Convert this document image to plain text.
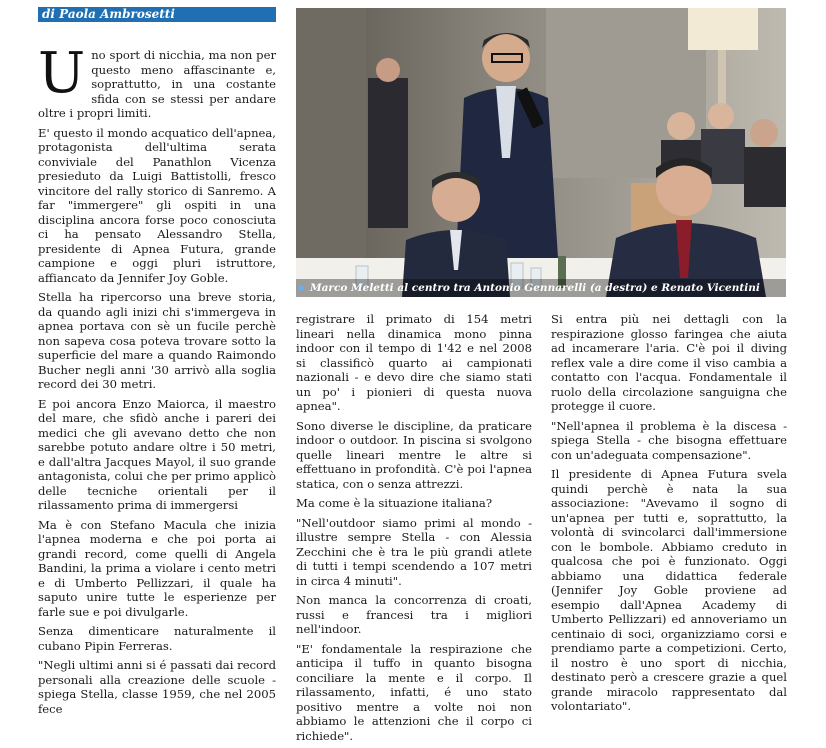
di Paola Ambrosetti
U no sport di nicchia, ma non per questo meno affascinante e, soprattutto, in una costante sfida con se stessi per andare oltre i propri limiti.

E' questo il mondo acquatico dell'apnea, protagonista dell'ultima serata conviviale del Panathlon Vicenza presieduto da Luigi Battistolli, fresco vincitore del rally storico di Sanremo. A far "immergere" gli ospiti in una disciplina ancora forse poco conosciuta ci ha pensato Alessandro Stella, presidente di Apnea Futura, grande campione e oggi pluri istruttore, affiancato da Jennifer Joy Goble.

Stella ha ripercorso una breve storia, da quando agli inizi chi s'immergeva in apnea portava con sè un fucile perchè non sapeva cosa poteva trovare sotto la superficie del mare a quando Raimondo Bucher negli anni '30 arrivò alla soglia record dei 30 metri.

E poi ancora Enzo Maiorca, il maestro del mare, che sfidò anche i pareri dei medici che gli avevano detto che non sarebbe potuto andare oltre i 50 metri, e dall'altra Jacques Mayol, il suo grande antagonista, colui che per primo applicò delle tecniche orientali per il rilassamento prima di immergersi

Ma è con Stefano Macula che inizia l'apnea moderna e che poi porta ai grandi record, come quelli di Angela Bandini, la prima a violare i cento metri e di Umberto Pellizzari, il quale ha saputo unire tutte le esperienze per farle sue e poi divulgarle.

Senza dimenticare naturalmente il cubano Pipin Ferreras.

"Negli ultimi anni si é passati dai record personali alla creazione delle scuole - spiega Stella, classe 1959, che nel 2005 fece

Marco Meletti al centro tra Antonio Gennarelli (a destra) e Renato Vicentini

registrare il primato di 154 metri lineari nella dinamica mono pinna indoor con il tempo di 1'42 e nel 2008 si classificò quarto ai campionati nazionali - e devo dire che siamo stati un po' i pionieri di questa nuova apnea".

Sono diverse le discipline, da praticare indoor o outdoor. In piscina si svolgono quelle lineari mentre le altre si effettuano in profondità. C'è poi l'apnea statica, con o senza attrezzi.

Ma come è la situazione italiana?

"Nell'outdoor siamo primi al mondo - illustre sempre Stella - con Alessia Zecchini che è tra le più grandi atlete di tutti i tempi scendendo a 107 metri in circa 4 minuti".

Non manca la concorrenza di croati, russi e francesi tra i migliori nell'indoor.

"E' fondamentale la respirazione che anticipa il tuffo in quanto bisogna conciliare la mente e il corpo. Il rilassamento, infatti, é uno stato positivo mentre a volte noi non abbiamo le attenzioni che il corpo ci richiede".

Si entra più nei dettagli con la respirazione glosso faringea che aiuta ad incamerare l'aria. C'è poi il diving reflex vale a dire come il viso cambia a contatto con l'acqua. Fondamentale il ruolo della circolazione sanguigna che protegge il cuore.

"Nell'apnea il problema è la discesa - spiega Stella - che bisogna effettuare con un'adeguata compensazione".

Il presidente di Apnea Futura svela quindi perchè è nata la sua associazione: "Avevamo il sogno di un'apnea per tutti e, soprattutto, la volontà di svincolarci dall'immersione con le bombole. Abbiamo creduto in qualcosa che poi è funzionato. Oggi abbiamo una didattica federale (Jennifer Joy Goble proviene ad esempio dall'Apnea Academy di Umberto Pellizzari) ed annoveriamo un centinaio di soci, organizziamo corsi e prendiamo parte a competizioni. Certo, il nostro è uno sport di nicchia, destinato però a crescere grazie a quel grande miracolo rappresentato dal volontariato".
